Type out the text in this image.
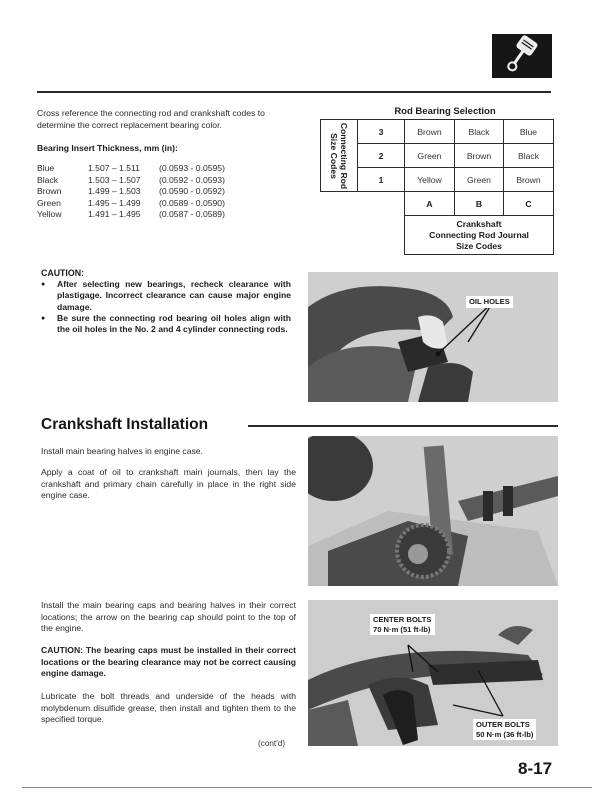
Cross reference the connecting rod and crankshaft codes to determine the correct replacement bearing color.
Bearing Insert Thickness, mm (in):
Blue	1.507 – 1.511	(0.0593 - 0.0595)
Black	1.503 – 1.507	(0.0592 - 0.0593)
Brown	1.499 – 1.503	(0.0590 - 0.0592)
Green	1.495 – 1.499	(0.0589 - 0.0590)
Yellow	1.491 – 1.495	(0.0587 - 0.0589)
Rod Bearing Selection
Connecting Rod
Size Codes
3	Brown	Black	Blue
2	Green	Brown	Black
1	Yellow	Green	Brown
A	B	C
Crankshaft
Connecting Rod Journal
Size Codes
CAUTION:
● After selecting new bearings, recheck clearance with plastigage. Incorrect clearance can cause major engine damage.
● Be sure the connecting rod bearing oil holes align with the oil holes in the No. 2 and 4 cylinder connecting rods.
OIL HOLES
Crankshaft Installation
Install main bearing halves in engine case.
Apply a coat of oil to crankshaft main journals, then lay the crankshaft and primary chain carefully in place in the right side engine case.
Install the main bearing caps and bearing halves in their correct locations; the arrow on the bearing cap should point to the top of the engine.
CAUTION: The bearing caps must be installed in their correct locations or the bearing clearance may not be correct causing engine damage.
Lubricate the bolt threads and underside of the heads with molybdenum disulfide grease, then install and tighten them to the specified torque.
CENTER BOLTS
70 N·m (51 ft-lb)
OUTER BOLTS
50 N·m (36 ft-lb)
(cont'd)
8-17
